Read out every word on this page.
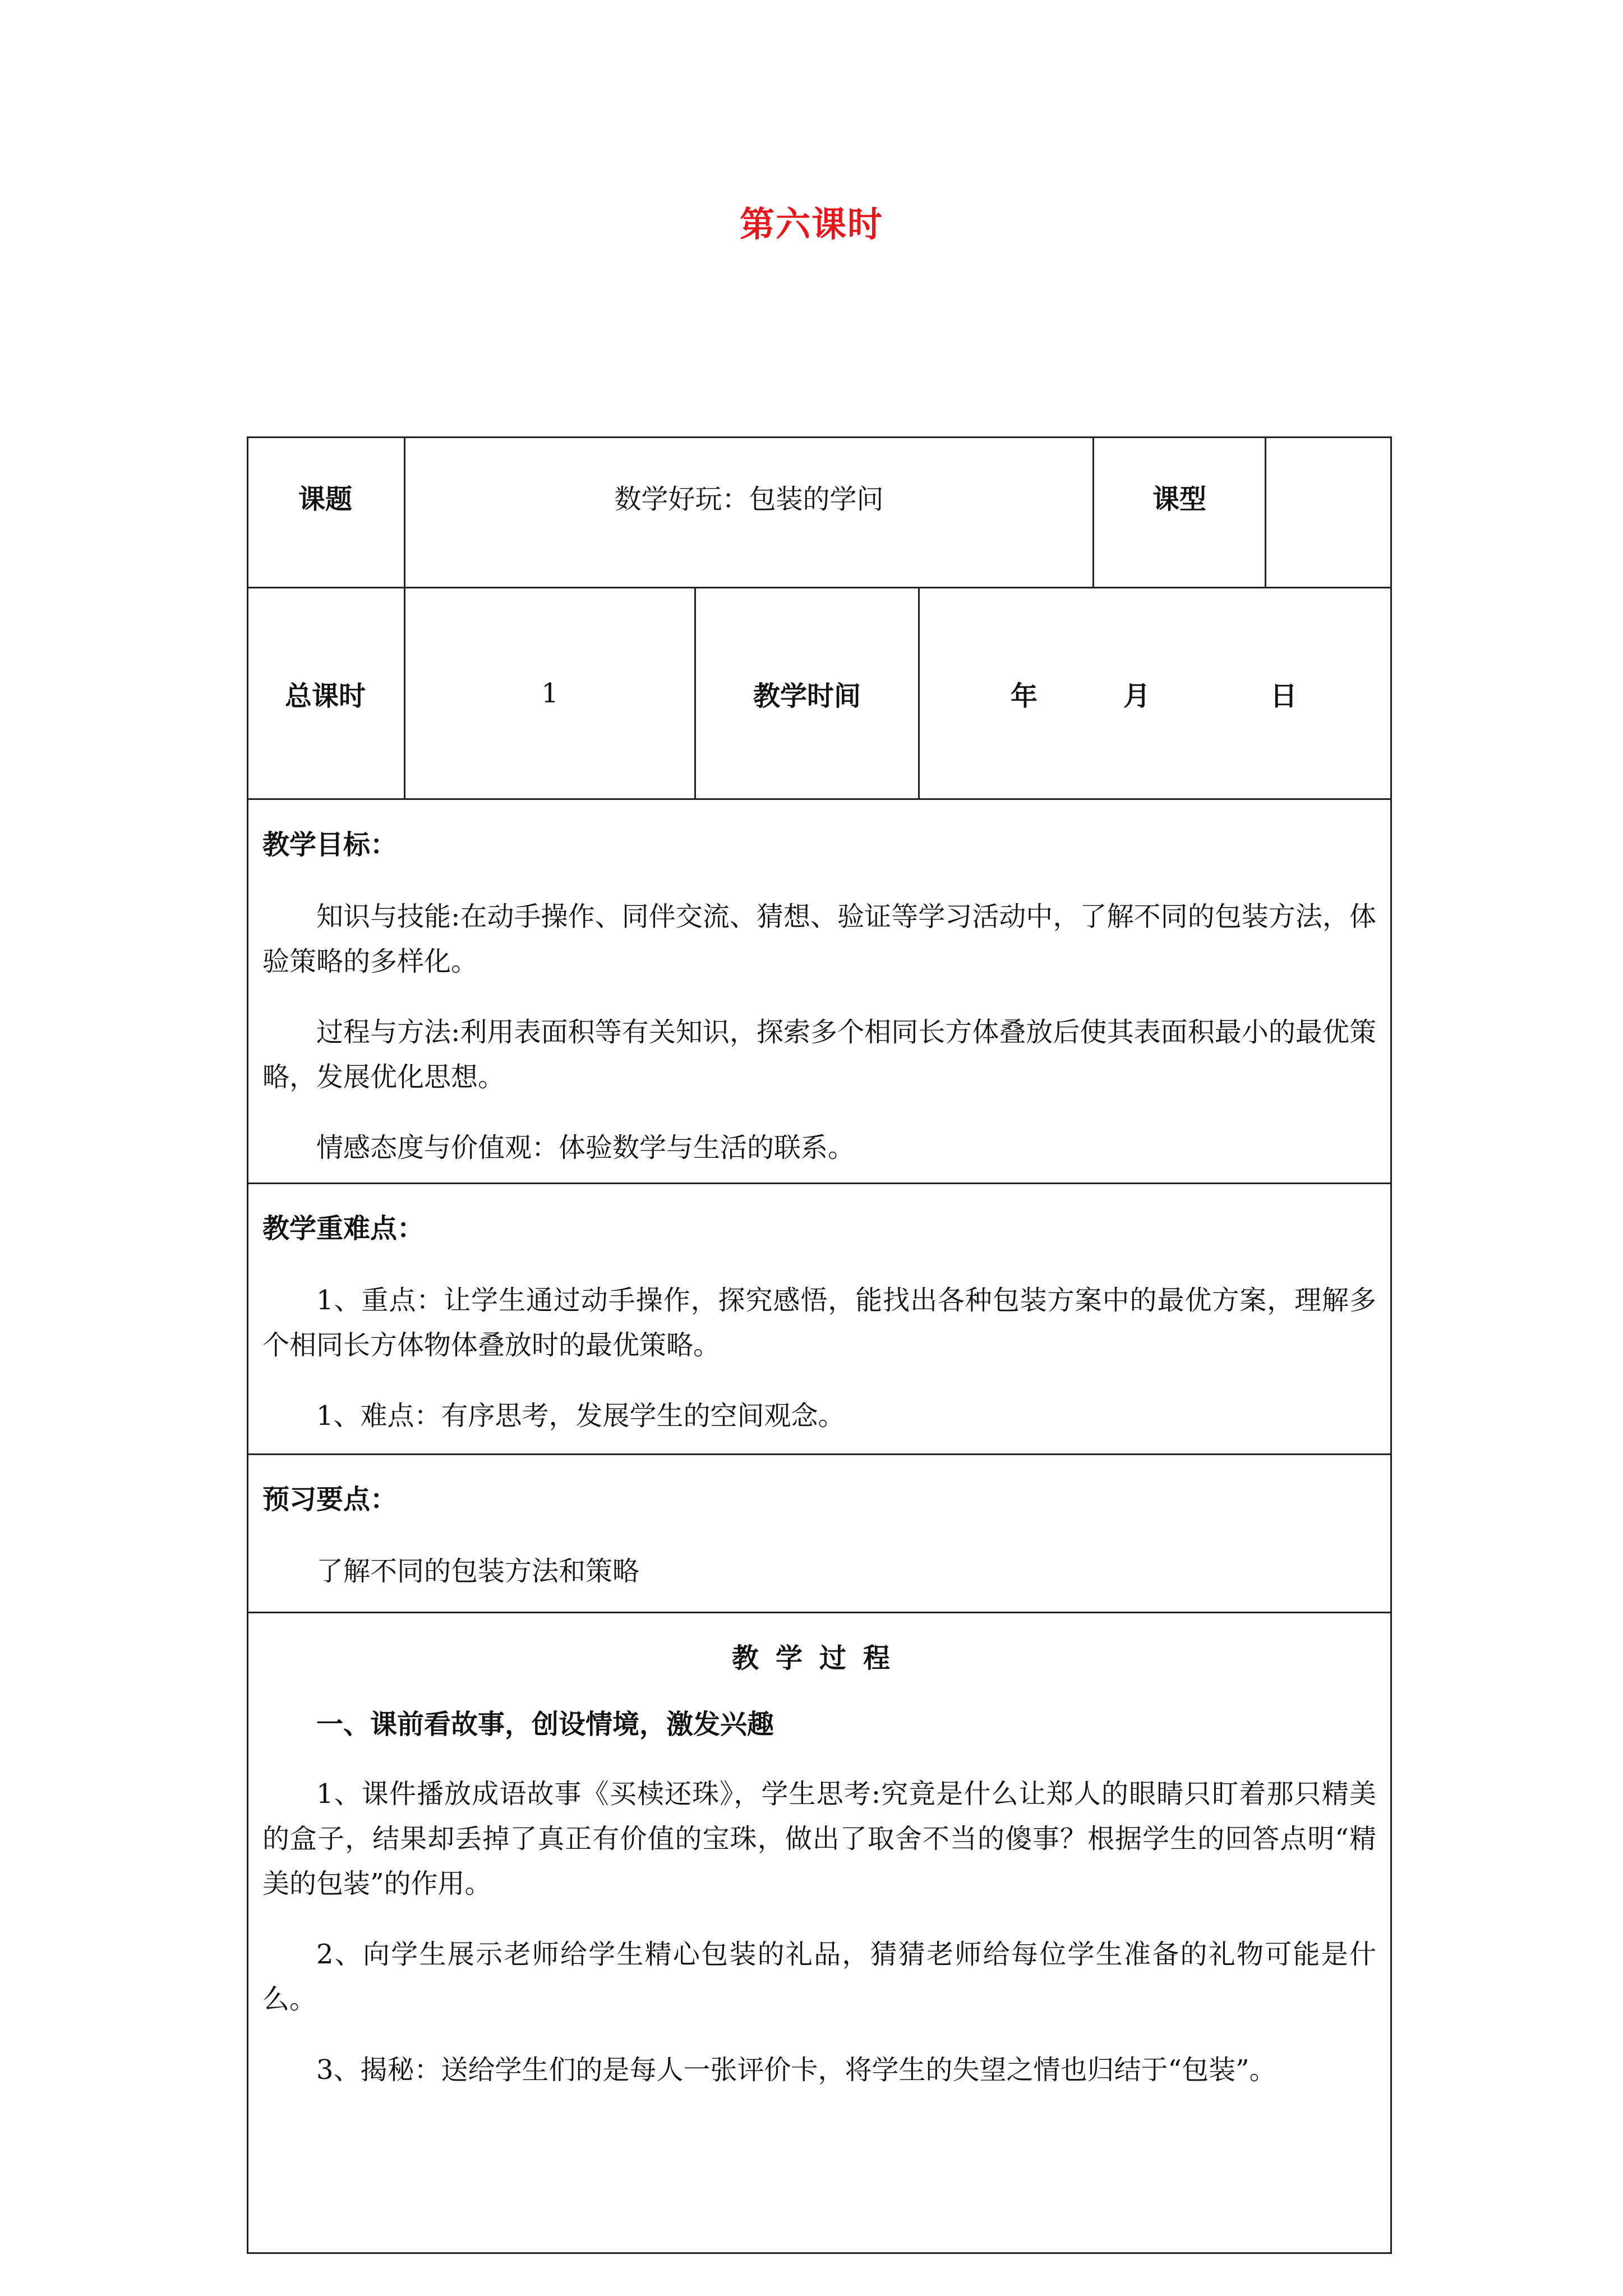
第六课时
课题	数学好玩：包装的学问	课型
总课时	1	教学时间	年	月	日
教学目标：

知识与技能:在动手操作、同伴交流、猜想、验证等学习活动中，了解不同的包装方法，体验策略的多样化。

过程与方法:利用表面积等有关知识，探索多个相同长方体叠放后使其表面积最小的最优策略，发展优化思想。

情感态度与价值观：体验数学与生活的联系。

教学重难点：

1、重点：让学生通过动手操作，探究感悟，能找出各种包装方案中的最优方案，理解多个相同长方体物体叠放时的最优策略。

1、难点：有序思考，发展学生的空间观念。

预习要点：

了解不同的包装方法和策略

教学过程

一、课前看故事，创设情境，激发兴趣

1、课件播放成语故事《买椟还珠》，学生思考:究竟是什么让郑人的眼睛只盯着那只精美的盒子，结果却丢掉了真正有价值的宝珠，做出了取舍不当的傻事？根据学生的回答点明“精美的包装”的作用。

2、向学生展示老师给学生精心包装的礼品，猜猜老师给每位学生准备的礼物可能是什么。

3、揭秘：送给学生们的是每人一张评价卡，将学生的失望之情也归结于“包装”。
